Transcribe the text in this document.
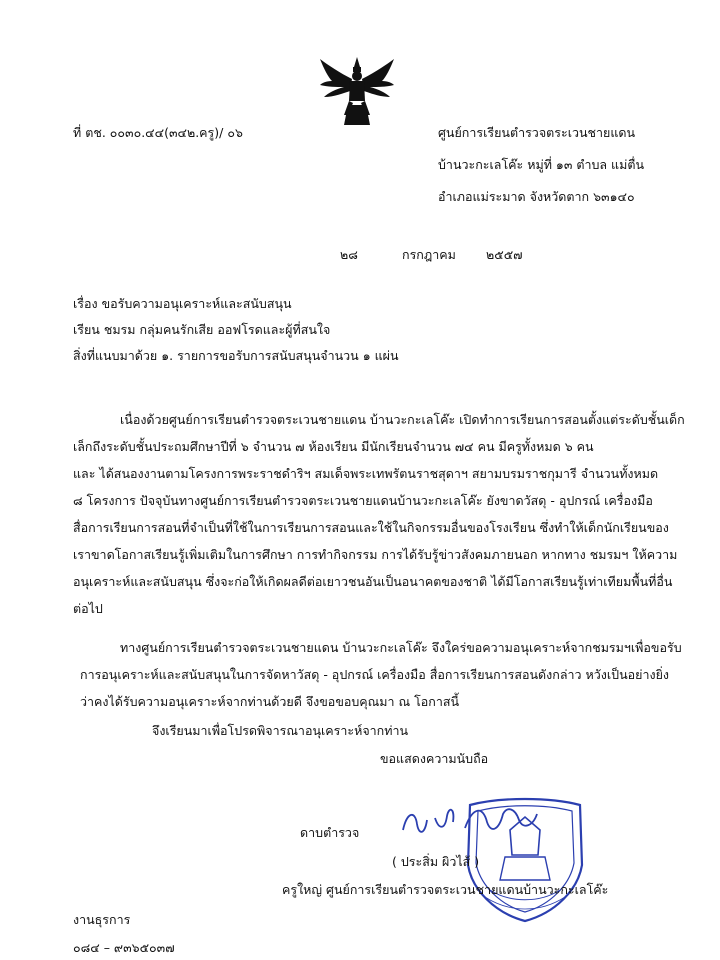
ที่ ตช. ๐๐๓๐.๔๔(๓๔๒.ครู)/ ๐๖	ศูนย์การเรียนตำรวจตระเวนชายแดน
บ้านวะกะเลโค๊ะ หมู่ที่ ๑๓ ตำบล แม่ตื่น
อำเภอแม่ระมาด จังหวัดตาก ๖๓๑๔๐
๒๘	กรกฎาคม ๒๕๕๗
เรื่อง ขอรับความอนุเคราะห์และสนับสนุน
เรียน ชมรม กลุ่มคนรักเสีย ออฟโรดและผู้ที่สนใจ
สิ่งที่แนบมาด้วย ๑. รายการขอรับการสนับสนุนจำนวน ๑ แผ่น
เนื่องด้วยศูนย์การเรียนตำรวจตระเวนชายแดน บ้านวะกะเลโค๊ะ เปิดทำการเรียนการสอนตั้งแต่ระดับชั้นเด็ก
เล็กถึงระดับชั้นประถมศึกษาปีที่ ๖ จำนวน ๗ ห้องเรียน มีนักเรียนจำนวน ๗๔ คน มีครูทั้งหมด ๖ คน
และ ได้สนองงานตามโครงการพระราชดำริฯ สมเด็จพระเทพรัตนราชสุดาฯ สยามบรมราชกุมารี จำนวนทั้งหมด
๘ โครงการ ปัจจุบันทางศูนย์การเรียนตำรวจตระเวนชายแดนบ้านวะกะเลโค๊ะ ยังขาดวัสดุ - อุปกรณ์ เครื่องมือ
สื่อการเรียนการสอนที่จำเป็นที่ใช้ในการเรียนการสอนและใช้ในกิจกรรมอื่นของโรงเรียน ซึ่งทำให้เด็กนักเรียนของ
เราขาดโอกาสเรียนรู้เพิ่มเติมในการศึกษา การทำกิจกรรม การได้รับรู้ข่าวสังคมภายนอก หากทาง ชมรมฯ ให้ความ
อนุเคราะห์และสนับสนุน ซึ่งจะก่อให้เกิดผลดีต่อเยาวชนอันเป็นอนาคตของชาติ ได้มีโอกาสเรียนรู้เท่าเทียมพื้นที่อื่น
ต่อไป
ทางศูนย์การเรียนตำรวจตระเวนชายแดน บ้านวะกะเลโค๊ะ จึงใคร่ขอความอนุเคราะห์จากชมรมฯเพื่อขอรับ
การอนุเคราะห์และสนับสนุนในการจัดหาวัสดุ - อุปกรณ์ เครื่องมือ สื่อการเรียนการสอนดังกล่าว หวังเป็นอย่างยิ่ง
ว่าคงได้รับความอนุเคราะห์จากท่านด้วยดี จึงขอขอบคุณมา ณ โอกาสนี้
จึงเรียนมาเพื่อโปรดพิจารณาอนุเคราะห์จากท่าน
ขอแสดงความนับถือ
ดาบตำรวจ
( ประสิ่ม ผิวไส้ )
ครูใหญ่ ศูนย์การเรียนตำรวจตระเวนชายแดนบ้านวะกะเลโค๊ะ
งานธุรการ
๐๘๔ – ๙๓๖๕๐๓๗
